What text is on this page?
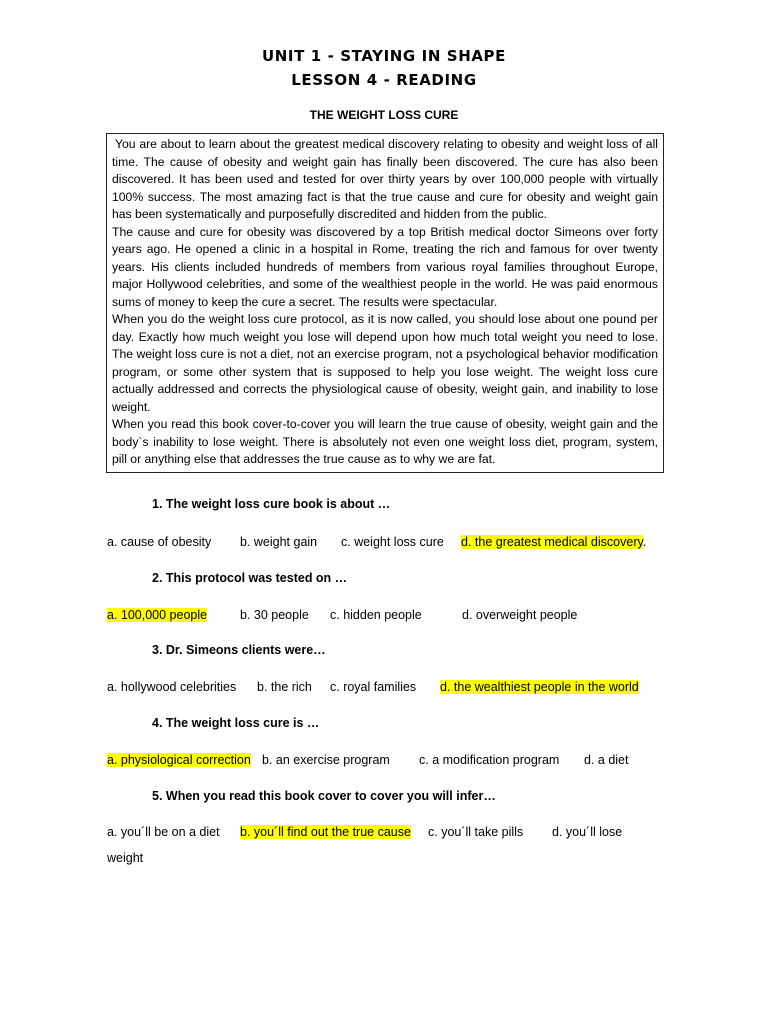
UNIT 1 - STAYING IN SHAPE
LESSON 4 - READING
THE WEIGHT LOSS CURE

You are about to learn about the greatest medical discovery relating to obesity and weight loss of all time. The cause of obesity and weight gain has finally been discovered. The cure has also been discovered. It has been used and tested for over thirty years by over 100,000 people with virtually 100% success. The most amazing fact is that the true cause and cure for obesity and weight gain has been systematically and purposefully discredited and hidden from the public.

The cause and cure for obesity was discovered by a top British medical doctor Simeons over forty years ago. He opened a clinic in a hospital in Rome, treating the rich and famous for over twenty years. His clients included hundreds of members from various royal families throughout Europe, major Hollywood celebrities, and some of the wealthiest people in the world. He was paid enormous sums of money to keep the cure a secret. The results were spectacular.

When you do the weight loss cure protocol, as it is now called, you should lose about one pound per day. Exactly how much weight you lose will depend upon how much total weight you need to lose. The weight loss cure is not a diet, not an exercise program, not a psychological behavior modification program, or some other system that is supposed to help you lose weight. The weight loss cure actually addressed and corrects the physiological cause of obesity, weight gain, and inability to lose weight.

When you read this book cover-to-cover you will learn the true cause of obesity, weight gain and the body`s inability to lose weight. There is absolutely not even one weight loss diet, program, system, pill or anything else that addresses the true cause as to why we are fat.

1. The weight loss cure book is about …
a. cause of obesity b. weight gain c. weight loss cure d. the greatest medical discovery.
2. This protocol was tested on …
a. 100,000 people	b. 30 people c. hidden people	d. overweight people
3. Dr. Simeons clients were…
a. hollywood celebrities b. the rich c. royal families d. the wealthiest people in the world
4. The weight loss cure is …
a. physiological correction b. an exercise program c. a modification program d. a diet
5. When you read this book cover to cover you will infer…
a. you´ll be on a diet b. you´ll find out the true cause c. you´ll take pills d. you´ll lose
weight
